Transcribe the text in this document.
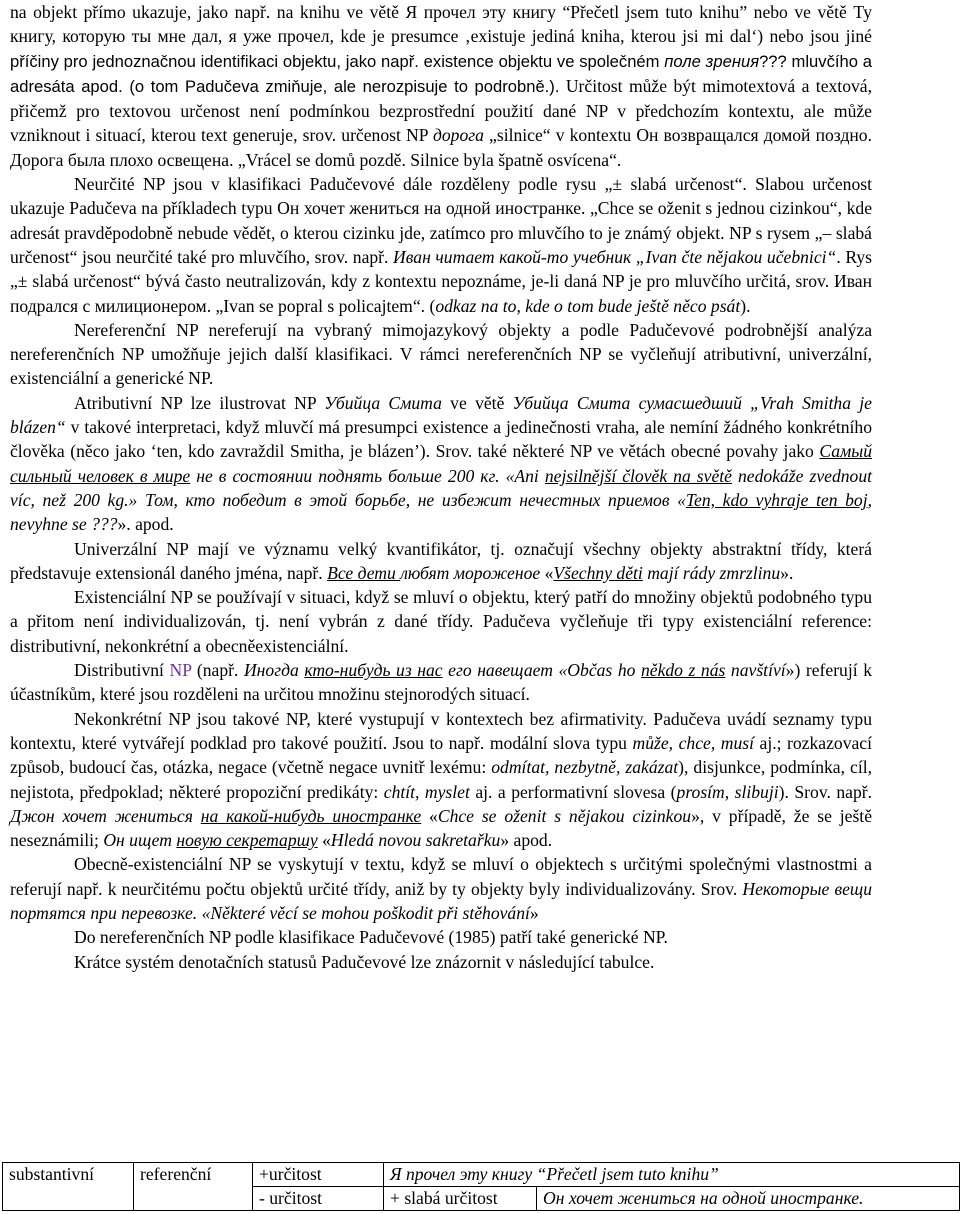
na objekt přímo ukazuje, jako např. na knihu ve větě Я прочел эту книгу “Přečetl jsem tuto knihu” nebo ve větě Ту книгу, которую ты мне дал, я уже прочел, kde je presumce ‚existuje jediná kniha, kterou jsi mi dal‘) nebo jsou jiné příčiny pro jednoznačnou identifikaci objektu, jako např. existence objektu ve společném поле зрения??? mluvčího a adresáta apod. (o tom Padučeva zmiňuje, ale nerozpisuje to podrobně.). Určitost může být mimotextová a textová, přičemž pro textovou určenost není podmínkou bezprostřední použití dané NP v předchozím kontextu, ale může vzniknout i situací, kterou text generuje, srov. určenost NP дорога „silnice“ v kontextu Он возвращался домой поздно. Дорога была плохо освещена. „Vrácel se domů pozdě. Silnice byla špatně osvícena“.

Neurčité NP jsou v klasifikaci Padučevové dále rozděleny podle rysu „± slabá určenost“. Slabou určenost ukazuje Padučeva na příkladech typu Он хочет жениться на одной иностранке. „Chce se oženit s jednou cizinkou“, kde adresát pravděpodobně nebude vědět, o kterou cizinku jde, zatímco pro mluvčího to je známý objekt. NP s rysem „– slabá určenost“ jsou neurčité také pro mluvčího, srov. např. Иван читает какой-то учебник „Ivan čte nějakou učebnici“. Rys „± slabá určenost“ bývá často neutralizován, kdy z kontextu nepoznáme, je-li daná NP je pro mluvčího určitá, srov. Иван подрался с милиционером. „Ivan se popral s policajtem“. (odkaz na to, kde o tom bude ještě něco psát).

Nereferenční NP nereferují na vybraný mimojazykový objekty a podle Padučevové podrobnější analýza nereferenčních NP umožňuje jejich další klasifikaci. V rámci nereferenčních NP se vyčleňují atributivní, univerzální, existenciální a generické NP.

Atributivní NP lze ilustrovat NP Убийца Смита ve větě Убийца Смита сумасшедший „Vrah Smitha je blázen“ v takové interpretaci, když mluvčí má presumpci existence a jedinečnosti vraha, ale nemíní žádného konkrétního člověka (něco jako ‘ten, kdo zavraždil Smitha, je blázen’). Srov. také některé NP ve větách obecné povahy jako Самый сильный человек в мире не в состоянии поднять больше 200 кг. «Ani nejsilnější člověk na světě nedokáže zvednout víc, než 200 kg.» Том, кто победит в этой борьбе, не избежит нечестных приемов «Ten, kdo vyhraje ten boj, nevyhne se ???». apod.

Univerzální NP mají ve významu velký kvantifikátor, tj. označují všechny objekty abstraktní třídy, která představuje extensionál daného jména, např. Все дети любят мороженое «Všechny děti mají rády zmrzlinu».

Existenciální NP se používají v situaci, když se mluví o objektu, který patří do množiny objektů podobného typu a přitom není individualizován, tj. není vybrán z dané třídy. Padučeva vyčleňuje tři typy existenciální reference: distributivní, nekonkrétní a obecněexistenciální.

Distributivní NP (např. Иногда кто-нибудь из нас его навещает «Občas ho někdo z nás navštíví») referují k účastníkům, které jsou rozděleni na určitou množinu stejnorodých situací.

Nekonkrétní NP jsou takové NP, které vystupují v kontextech bez afirmativity. Padučeva uvádí seznamy typu kontextu, které vytvářejí podklad pro takové použití. Jsou to např. modální slova typu může, chce, musí aj.; rozkazovací způsob, budoucí čas, otázka, negace (včetně negace uvnitř lexému: odmítat, nezbytně, zakázat), disjunkce, podmínka, cíl, nejistota, předpoklad; některé propoziční predikáty: chtít, myslet aj. a performativní slovesa (prosím, slibuji). Srov. např. Джон хочет жениться на какой-нибудь иностранке «Chce se oženit s nějakou cizinkou», v případě, že se ještě neseznámili; Он ищет новую секретаршу «Hledá novou sakretařku» apod.

Obecně-existenciální NP se vyskytují v textu, když se mluví o objektech s určitými společnými vlastnostmi a referují např. k neurčitému počtu objektů určité třídy, aniž by ty objekty byly individualizovány. Srov. Некоторые вещи портятся при перевозке. «Některé věcí se mohou poškodit při stěhování»

Do nereferenčních NP podle klasifikace Padučevové (1985) patří také generické NP.

Krátce systém denotačních statusů Padučevové lze znázornit v následující tabulce.

substantivní	referenční	+určitost	Я прочел эту книгу “Přečetl jsem tuto knihu”	
		- určitost	+ slabá určitost	Он хочет жениться на одной иностранке.
